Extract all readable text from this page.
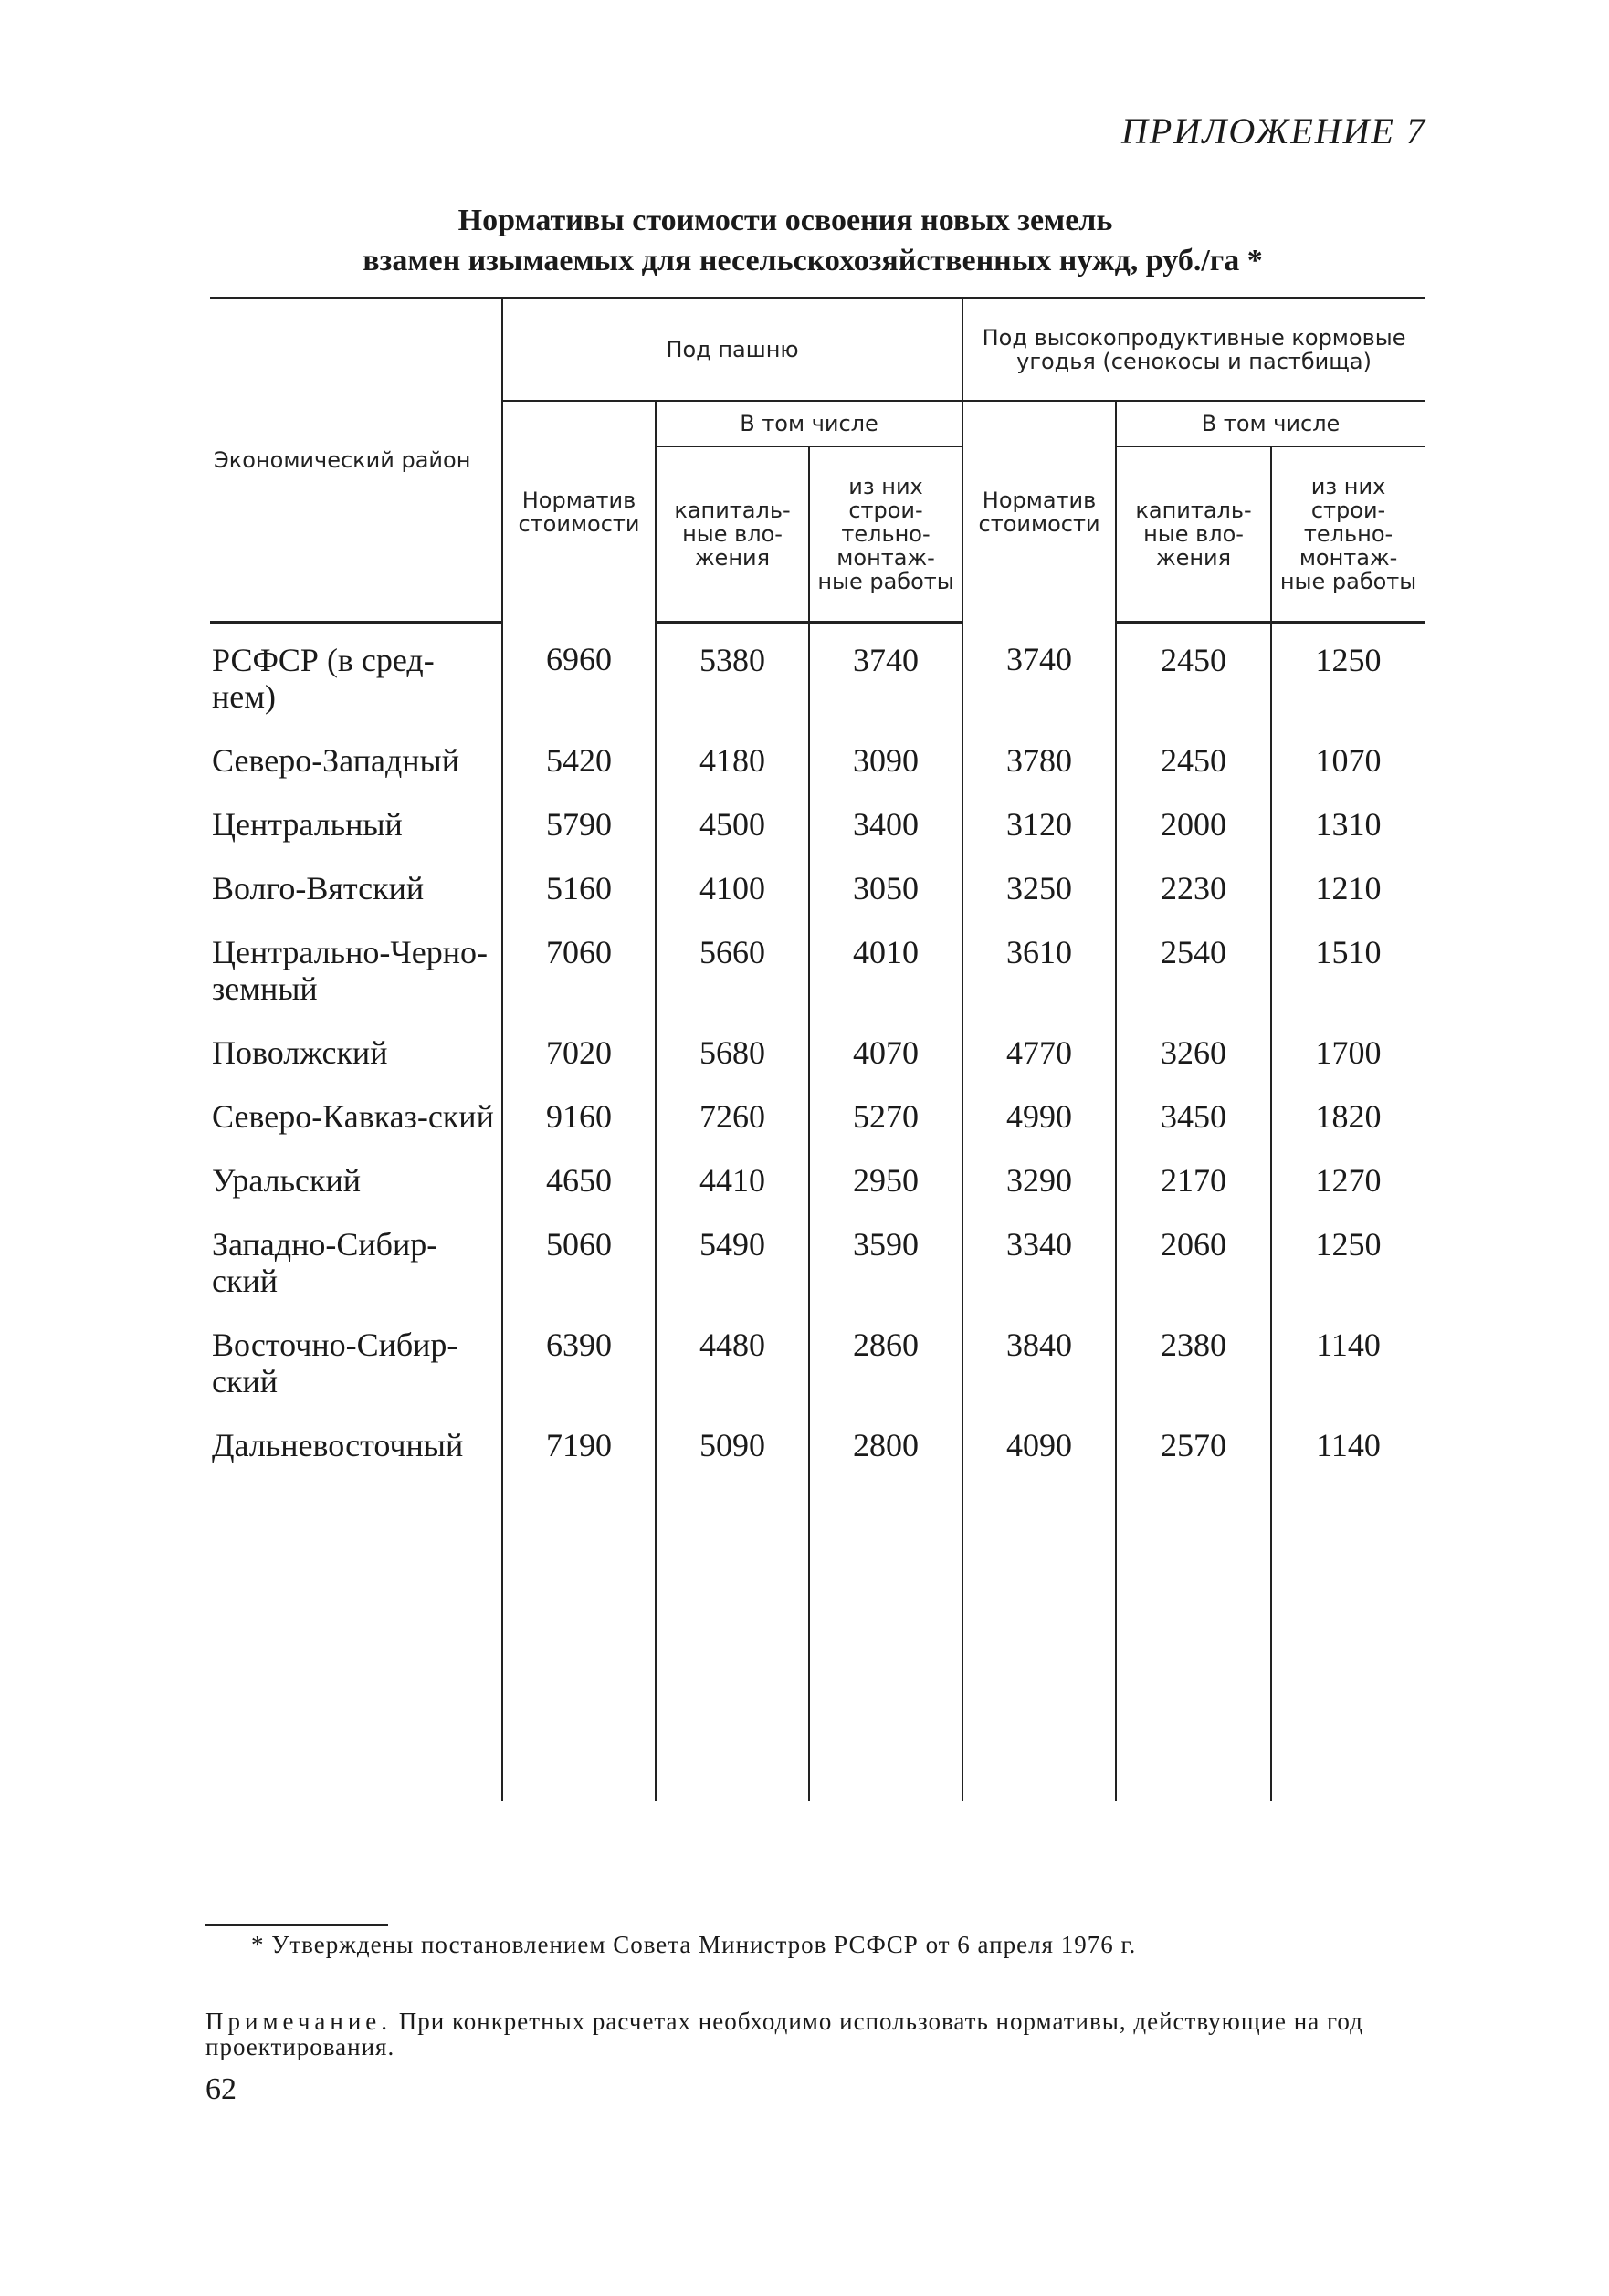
ПРИЛОЖЕНИЕ 7
Нормативы стоимости освоения новых земель
взамен изымаемых для несельскохозяйственных нужд, руб./га *
Экономический район	Под пашню			Под высокопродуктивные кормовые угодья (сенокосы и пастбища)		
	Норматив стоимости	В том числе		Норматив стоимости	В том числе	
		капиталь-ные вло-жения	из них строи-тельно-монтаж-ные работы		капиталь-ные вло-жения	из них строи-тельно-монтаж-ные работы
РСФСР (в сред-нем)	6960	5380	3740	3740	2450	1250
Северо-Западный	5420	4180	3090	3780	2450	1070
Центральный	5790	4500	3400	3120	2000	1310
Волго-Вятский	5160	4100	3050	3250	2230	1210
Центрально-Черно-земный	7060	5660	4010	3610	2540	1510
Поволжский	7020	5680	4070	4770	3260	1700
Северо-Кавказ-ский	9160	7260	5270	4990	3450	1820
Уральский	4650	4410	2950	3290	2170	1270
Западно-Сибир-ский	5060	5490	3590	3340	2060	1250
Восточно-Сибир-ский	6390	4480	2860	3840	2380	1140
Дальневосточный	7190	5090	2800	4090	2570	1140
* Утверждены постановлением Совета Министров РСФСР от 6 апреля 1976 г.
Примечание. При конкретных расчетах необходимо использовать нормативы, действующие на год проектирования.
62
